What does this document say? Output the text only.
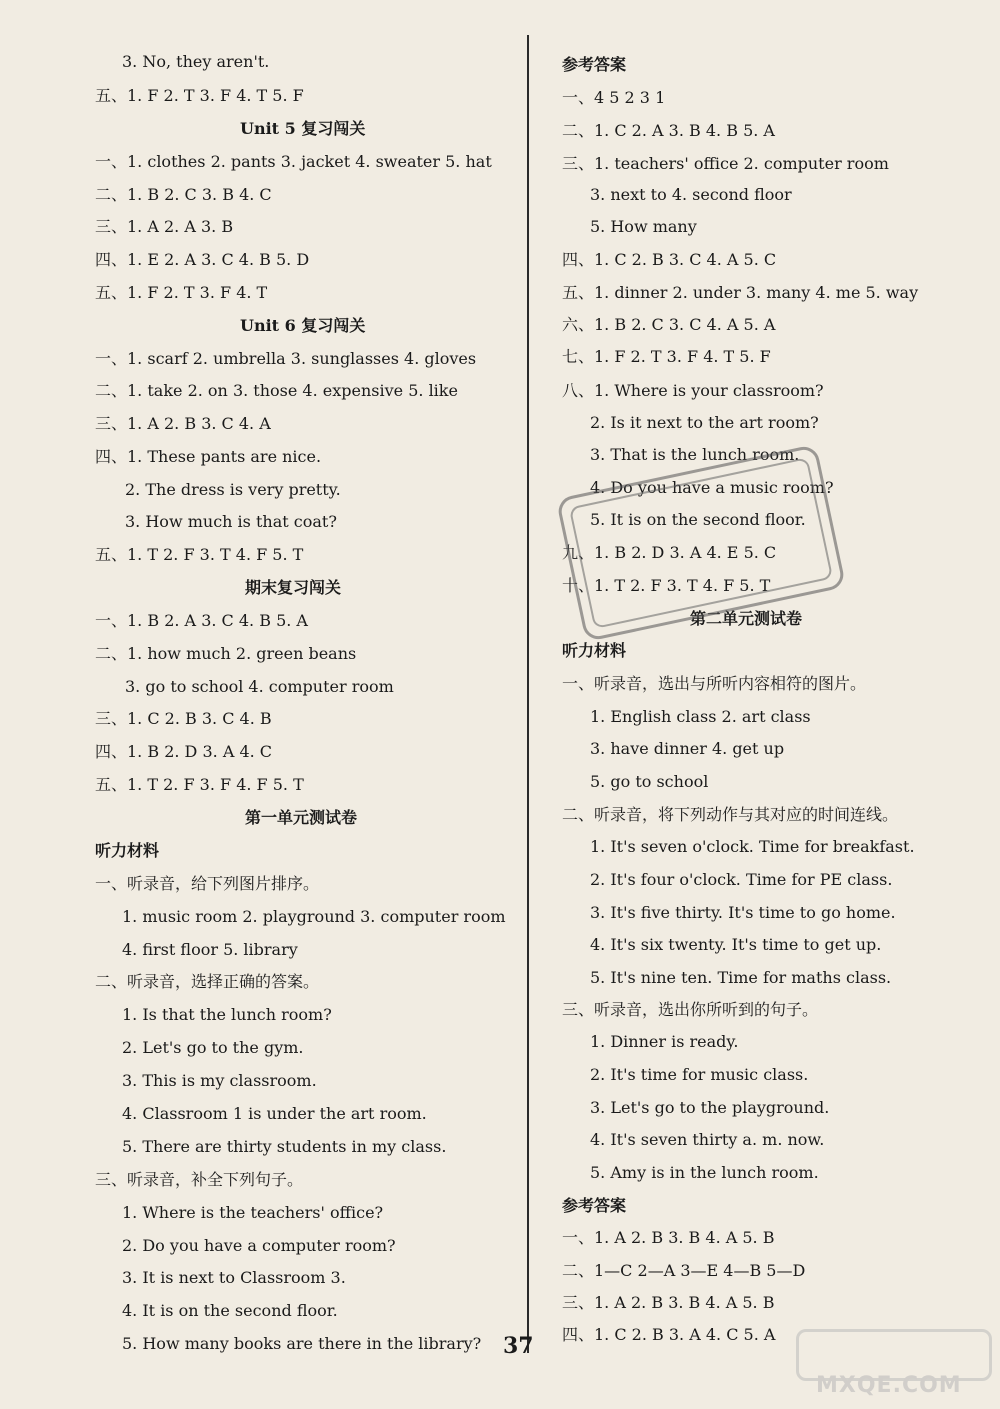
3. No, they aren't.
五、1. F 2. T 3. F 4. T 5. F
Unit 5 复习闯关
一、1. clothes 2. pants 3. jacket 4. sweater 5. hat
二、1. B 2. C 3. B 4. C
三、1. A 2. A 3. B
四、1. E 2. A 3. C 4. B 5. D
五、1. F 2. T 3. F 4. T
Unit 6 复习闯关
一、1. scarf 2. umbrella 3. sunglasses 4. gloves
二、1. take 2. on 3. those 4. expensive 5. like
三、1. A 2. B 3. C 4. A
四、1. These pants are nice.
2. The dress is very pretty.
3. How much is that coat?
五、1. T 2. F 3. T 4. F 5. T
期末复习闯关
一、1. B 2. A 3. C 4. B 5. A
二、1. how much 2. green beans
3. go to school 4. computer room
三、1. C 2. B 3. C 4. B
四、1. B 2. D 3. A 4. C
五、1. T 2. F 3. F 4. F 5. T
第一单元测试卷
听力材料
一、听录音，给下列图片排序。
1. music room 2. playground 3. computer room
4. first floor 5. library
二、听录音，选择正确的答案。
1. Is that the lunch room?
2. Let's go to the gym.
3. This is my classroom.
4. Classroom 1 is under the art room.
5. There are thirty students in my class.
三、听录音，补全下列句子。
1. Where is the teachers' office?
2. Do you have a computer room?
3. It is next to Classroom 3.
4. It is on the second floor.
5. How many books are there in the library?
参考答案
一、4 5 2 3 1
二、1. C 2. A 3. B 4. B 5. A
三、1. teachers' office 2. computer room
3. next to 4. second floor
5. How many
四、1. C 2. B 3. C 4. A 5. C
五、1. dinner 2. under 3. many 4. me 5. way
六、1. B 2. C 3. C 4. A 5. A
七、1. F 2. T 3. F 4. T 5. F
八、1. Where is your classroom?
2. Is it next to the art room?
3. That is the lunch room.
4. Do you have a music room?
5. It is on the second floor.
九、1. B 2. D 3. A 4. E 5. C
十、1. T 2. F 3. T 4. F 5. T
第二单元测试卷
听力材料
一、听录音，选出与所听内容相符的图片。
1. English class 2. art class
3. have dinner 4. get up
5. go to school
二、听录音，将下列动作与其对应的时间连线。
1. It's seven o'clock. Time for breakfast.
2. It's four o'clock. Time for PE class.
3. It's five thirty. It's time to go home.
4. It's six twenty. It's time to get up.
5. It's nine ten. Time for maths class.
三、听录音，选出你所听到的句子。
1. Dinner is ready.
2. It's time for music class.
3. Let's go to the playground.
4. It's seven thirty a. m. now.
5. Amy is in the lunch room.
参考答案
一、1. A 2. B 3. B 4. A 5. B
二、1—C 2—A 3—E 4—B 5—D
三、1. A 2. B 3. B 4. A 5. B
四、1. C 2. B 3. A 4. C 5. A
37
MXQE.COM
